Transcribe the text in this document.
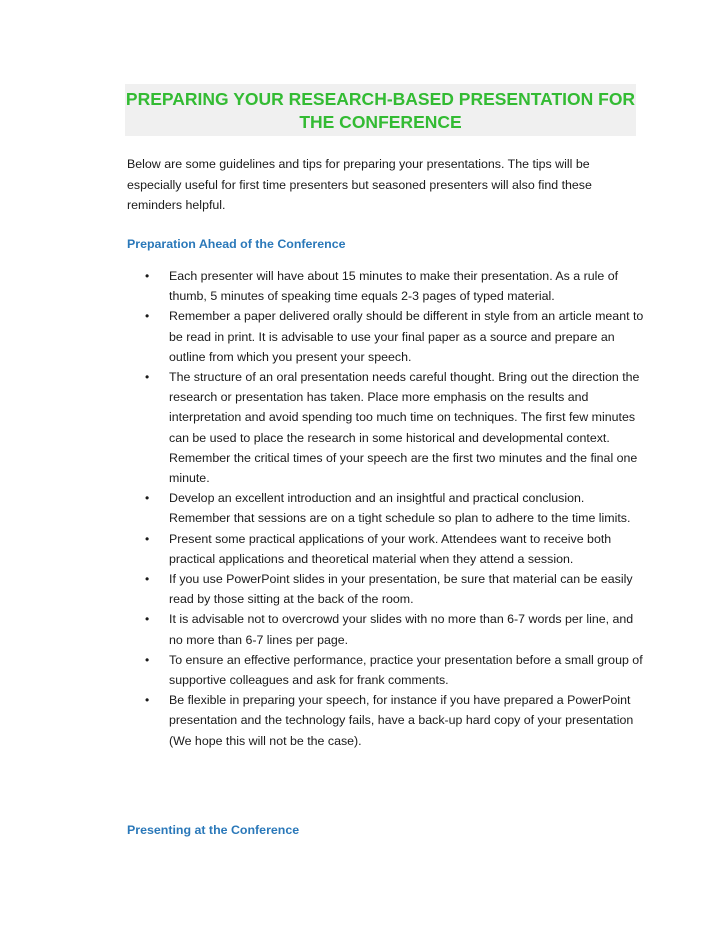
PREPARING YOUR RESEARCH-BASED PRESENTATION FOR
THE CONFERENCE

Below are some guidelines and tips for preparing your presentations. The tips will be especially useful for first time presenters but seasoned presenters will also find these reminders helpful.

Preparation Ahead of the Conference
• Each presenter will have about 15 minutes to make their presentation. As a rule of thumb, 5 minutes of speaking time equals 2-3 pages of typed material.
• Remember a paper delivered orally should be different in style from an article meant to be read in print. It is advisable to use your final paper as a source and prepare an outline from which you present your speech.
• The structure of an oral presentation needs careful thought. Bring out the direction the research or presentation has taken. Place more emphasis on the results and interpretation and avoid spending too much time on techniques. The first few minutes can be used to place the research in some historical and developmental context. Remember the critical times of your speech are the first two minutes and the final one minute.
• Develop an excellent introduction and an insightful and practical conclusion. Remember that sessions are on a tight schedule so plan to adhere to the time limits.
• Present some practical applications of your work. Attendees want to receive both practical applications and theoretical material when they attend a session.
• If you use PowerPoint slides in your presentation, be sure that material can be easily read by those sitting at the back of the room.
• It is advisable not to overcrowd your slides with no more than 6-7 words per line, and no more than 6-7 lines per page.
• To ensure an effective performance, practice your presentation before a small group of supportive colleagues and ask for frank comments.
• Be flexible in preparing your speech, for instance if you have prepared a PowerPoint presentation and the technology fails, have a back-up hard copy of your presentation (We hope this will not be the case).
Presenting at the Conference
